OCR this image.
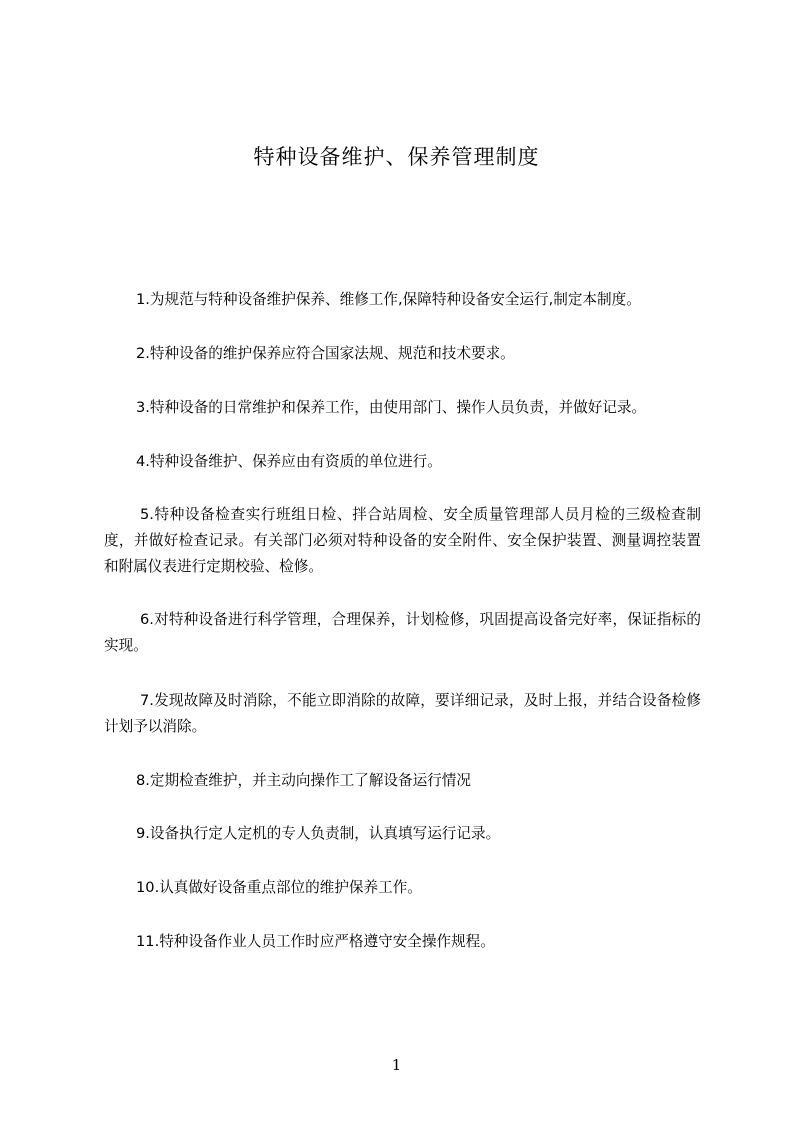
特种设备维护、保养管理制度
1.为规范与特种设备维护保养、维修工作,保障特种设备安全运行,制定本制度。
2.特种设备的维护保养应符合国家法规、规范和技术要求。
3.特种设备的日常维护和保养工作，由使用部门、操作人员负责，并做好记录。
4.特种设备维护、保养应由有资质的单位进行。
5.特种设备检查实行班组日检、拌合站周检、安全质量管理部人员月检的三级检查制度，并做好检查记录。有关部门必须对特种设备的安全附件、安全保护装置、测量调控装置和附属仪表进行定期校验、检修。
6.对特种设备进行科学管理，合理保养，计划检修，巩固提高设备完好率，保证指标的实现。
7.发现故障及时消除，不能立即消除的故障，要详细记录，及时上报，并结合设备检修计划予以消除。
8.定期检查维护，并主动向操作工了解设备运行情况
9.设备执行定人定机的专人负责制，认真填写运行记录。
10.认真做好设备重点部位的维护保养工作。
11.特种设备作业人员工作时应严格遵守安全操作规程。
1
